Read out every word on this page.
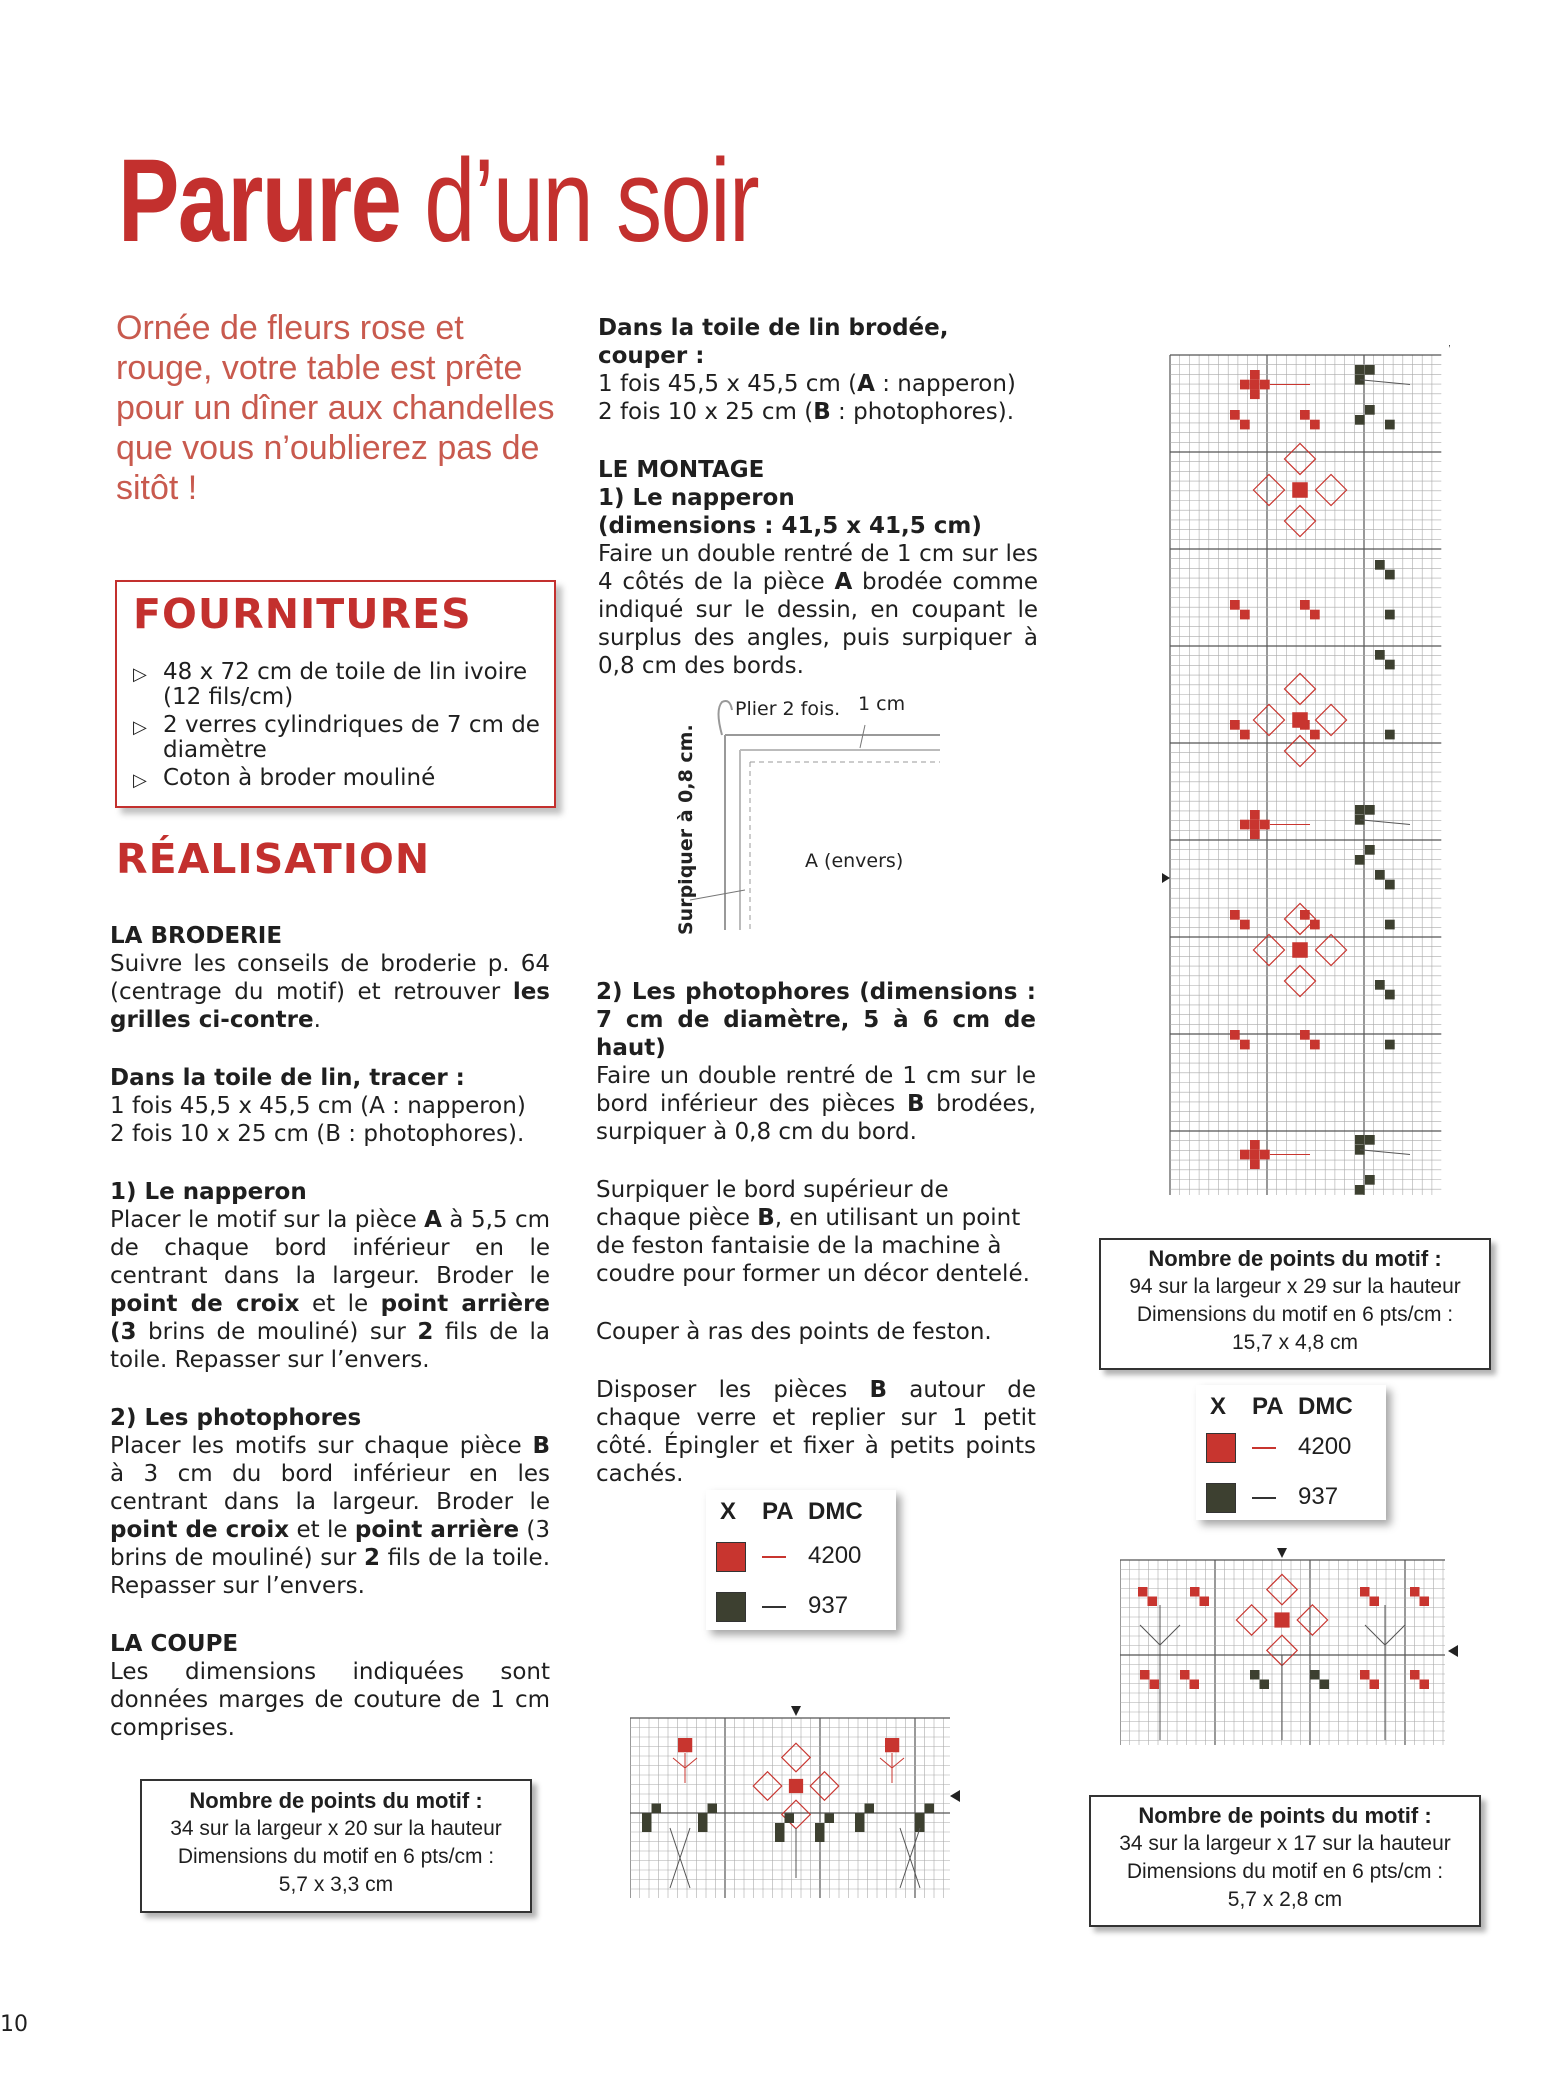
Parure d’un soir
Ornée de fleurs rose et rouge, votre table est prête pour un dîner aux chandelles que vous n’oublierez pas de sitôt !
FOURNITURES
▷ 48 x 72 cm de toile de lin ivoire (12 fils/cm)
▷ 2 verres cylindriques de 7 cm de diamètre
▷ Coton à broder mouliné
RÉALISATION

LA BRODERIE
Suivre les conseils de broderie p. 64 (centrage du motif) et retrouver les grilles ci-contre.

Dans la toile de lin, tracer :
1 fois 45,5 x 45,5 cm (A : napperon)
2 fois 10 x 25 cm (B : photophores).

1) Le napperon
Placer le motif sur la pièce A à 5,5 cm de chaque bord inférieur en le centrant dans la largeur. Broder le point de croix et le point arrière (3 brins de mouliné) sur 2 fils de la toile. Repasser sur l’envers.

2) Les photophores
Placer les motifs sur chaque pièce B à 3 cm du bord inférieur en les centrant dans la largeur. Broder le point de croix et le point arrière (3 brins de mouliné) sur 2 fils de la toile. Repasser sur l’envers.

LA COUPE
Les dimensions indiquées sont données marges de couture de 1 cm comprises.

Nombre de points du motif :
34 sur la largeur x 20 sur la hauteur
Dimensions du motif en 6 pts/cm :
5,7 x 3,3 cm

Dans la toile de lin brodée, couper :
1 fois 45,5 x 45,5 cm (A : napperon)
2 fois 10 x 25 cm (B : photophores).

LE MONTAGE
1) Le napperon
(dimensions : 41,5 x 41,5 cm)
Faire un double rentré de 1 cm sur les 4 côtés de la pièce A brodée comme indiqué sur le dessin, en coupant le surplus des angles, puis surpiquer à 0,8 cm des bords.

Plier 2 fois. 1 cm
A (envers)
Surpiquer à 0,8 cm.

2) Les photophores (dimensions : 7 cm de diamètre, 5 à 6 cm de haut)
Faire un double rentré de 1 cm sur le bord inférieur des pièces B brodées, surpiquer à 0,8 cm du bord.

Surpiquer le bord supérieur de chaque pièce B, en utilisant un point de feston fantaisie de la machine à coudre pour former un décor dentelé.

Couper à ras des points de feston.

Disposer les pièces B autour de chaque verre et replier sur 1 petit côté. Épingler et fixer à petits points cachés.

X PA DMC
4200
937
X PA DMC
4200
937
Nombre de points du motif :
94 sur la largeur x 29 sur la hauteur
Dimensions du motif en 6 pts/cm :
15,7 x 4,8 cm
Nombre de points du motif :
34 sur la largeur x 17 sur la hauteur
Dimensions du motif en 6 pts/cm :
5,7 x 2,8 cm
10
